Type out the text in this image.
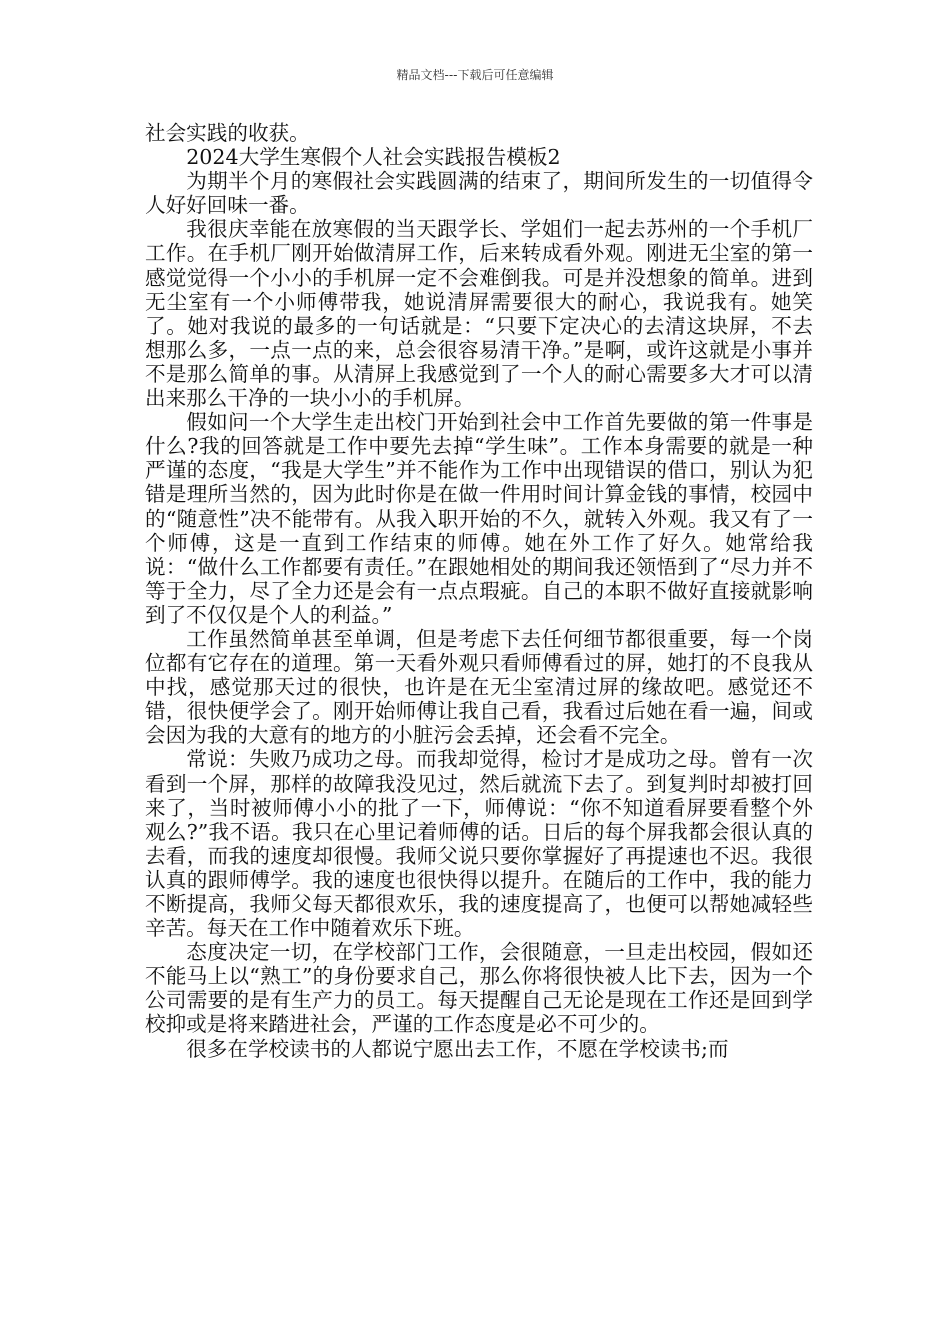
精品文档---下载后可任意编辑

社会实践的收获。

2024大学生寒假个人社会实践报告模板2

为期半个月的寒假社会实践圆满的结束了，期间所发生的一切值得令人好好回味一番。

我很庆幸能在放寒假的当天跟学长、学姐们一起去苏州的一个手机厂工作。在手机厂刚开始做清屏工作，后来转成看外观。刚进无尘室的第一感觉觉得一个小小的手机屏一定不会难倒我。可是并没想象的简单。进到无尘室有一个小师傅带我，她说清屏需要很大的耐心，我说我有。她笑了。她对我说的最多的一句话就是：“只要下定决心的去清这块屏，不去想那么多，一点一点的来，总会很容易清干净。”是啊，或许这就是小事并不是那么简单的事。从清屏上我感觉到了一个人的耐心需要多大才可以清出来那么干净的一块小小的手机屏。

假如问一个大学生走出校门开始到社会中工作首先要做的第一件事是什么?我的回答就是工作中要先去掉“学生味”。工作本身需要的就是一种严谨的态度，“我是大学生”并不能作为工作中出现错误的借口，别认为犯错是理所当然的，因为此时你是在做一件用时间计算金钱的事情，校园中的“随意性”决不能带有。从我入职开始的不久，就转入外观。我又有了一个师傅，这是一直到工作结束的师傅。她在外工作了好久。她常给我说：“做什么工作都要有责任。”在跟她相处的期间我还领悟到了“尽力并不等于全力，尽了全力还是会有一点点瑕疵。自己的本职不做好直接就影响到了不仅仅是个人的利益。”

工作虽然简单甚至单调，但是考虑下去任何细节都很重要，每一个岗位都有它存在的道理。第一天看外观只看师傅看过的屏，她打的不良我从中找，感觉那天过的很快，也许是在无尘室清过屏的缘故吧。感觉还不错，很快便学会了。刚开始师傅让我自己看，我看过后她在看一遍，间或会因为我的大意有的地方的小脏污会丢掉，还会看不完全。

常说：失败乃成功之母。而我却觉得，检讨才是成功之母。曾有一次看到一个屏，那样的故障我没见过，然后就流下去了。到复判时却被打回来了，当时被师傅小小的批了一下，师傅说：“你不知道看屏要看整个外观么?”我不语。我只在心里记着师傅的话。日后的每个屏我都会很认真的去看，而我的速度却很慢。我师父说只要你掌握好了再提速也不迟。我很认真的跟师傅学。我的速度也很快得以提升。在随后的工作中，我的能力不断提高，我师父每天都很欢乐，我的速度提高了，也便可以帮她减轻些辛苦。每天在工作中随着欢乐下班。

态度决定一切，在学校部门工作，会很随意，一旦走出校园，假如还不能马上以“熟工”的身份要求自己，那么你将很快被人比下去，因为一个公司需要的是有生产力的员工。每天提醒自己无论是现在工作还是回到学校抑或是将来踏进社会，严谨的工作态度是必不可少的。

很多在学校读书的人都说宁愿出去工作，不愿在学校读书;而
